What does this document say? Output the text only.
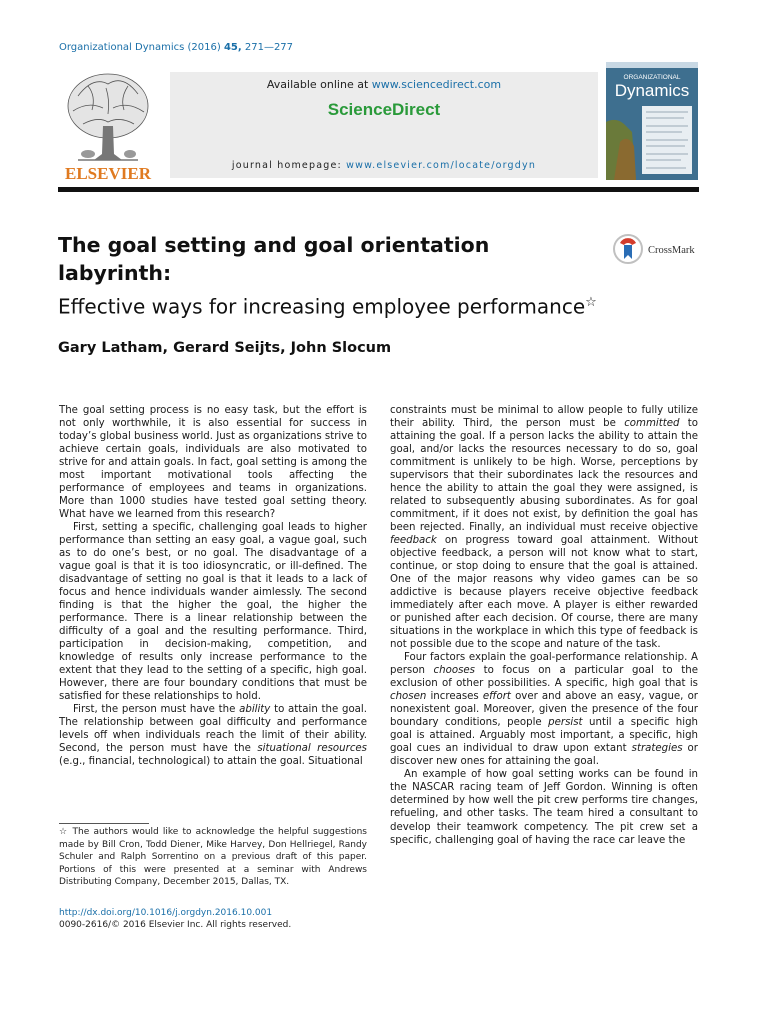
Organizational Dynamics (2016) 45, 271—277
ELSEVIER
Available online at www.sciencedirect.com
ScienceDirect
journal homepage: www.elsevier.com/locate/orgdyn
ORGANIZATIONAL
Dynamics
The goal setting and goal orientation
labyrinth:
Effective ways for increasing employee performance☆
CrossMark
Gary Latham, Gerard Seijts, John Slocum

The goal setting process is no easy task, but the effort is not only worthwhile, it is also essential for success in today’s global business world. Just as organizations strive to achieve certain goals, individuals are also motivated to strive for and attain goals. In fact, goal setting is among the most important motivational tools affecting the performance of employees and teams in organizations. More than 1000 studies have tested goal setting theory. What have we learned from this research?

First, setting a specific, challenging goal leads to higher performance than setting an easy goal, a vague goal, such as to do one’s best, or no goal. The disadvantage of a vague goal is that it is too idiosyncratic, or ill-defined. The disadvantage of setting no goal is that it leads to a lack of focus and hence individuals wander aimlessly. The second finding is that the higher the goal, the higher the performance. There is a linear relationship between the difficulty of a goal and the resulting performance. Third, participation in decision-making, competition, and knowledge of results only increase performance to the extent that they lead to the setting of a specific, high goal. However, there are four boundary conditions that must be satisfied for these relationships to hold.

First, the person must have the ability to attain the goal. The relationship between goal difficulty and performance levels off when individuals reach the limit of their ability. Second, the person must have the situational resources (e.g., financial, technological) to attain the goal. Situational

constraints must be minimal to allow people to fully utilize their ability. Third, the person must be committed to attaining the goal. If a person lacks the ability to attain the goal, and/or lacks the resources necessary to do so, goal commitment is unlikely to be high. Worse, perceptions by supervisors that their subordinates lack the resources and hence the ability to attain the goal they were assigned, is related to subsequently abusing subordinates. As for goal commitment, if it does not exist, by definition the goal has been rejected. Finally, an individual must receive objective feedback on progress toward goal attainment. Without objective feedback, a person will not know what to start, continue, or stop doing to ensure that the goal is attained. One of the major reasons why video games can be so addictive is because players receive objective feedback immediately after each move. A player is either rewarded or punished after each decision. Of course, there are many situations in the workplace in which this type of feedback is not possible due to the scope and nature of the task.

Four factors explain the goal-performance relationship. A person chooses to focus on a particular goal to the exclusion of other possibilities. A specific, high goal that is chosen increases effort over and above an easy, vague, or nonexistent goal. Moreover, given the presence of the four boundary conditions, people persist until a specific high goal is attained. Arguably most important, a specific, high goal cues an individual to draw upon extant strategies or discover new ones for attaining the goal.

An example of how goal setting works can be found in the NASCAR racing team of Jeff Gordon. Winning is often determined by how well the pit crew performs tire changes, refueling, and other tasks. The team hired a consultant to develop their teamwork competency. The pit crew set a specific, challenging goal of having the race car leave the

☆ The authors would like to acknowledge the helpful suggestions made by Bill Cron, Todd Diener, Mike Harvey, Don Hellriegel, Randy Schuler and Ralph Sorrentino on a previous draft of this paper. Portions of this were presented at a seminar with Andrews Distributing Company, December 2015, Dallas, TX.
http://dx.doi.org/10.1016/j.orgdyn.2016.10.001
0090-2616/© 2016 Elsevier Inc. All rights reserved.
